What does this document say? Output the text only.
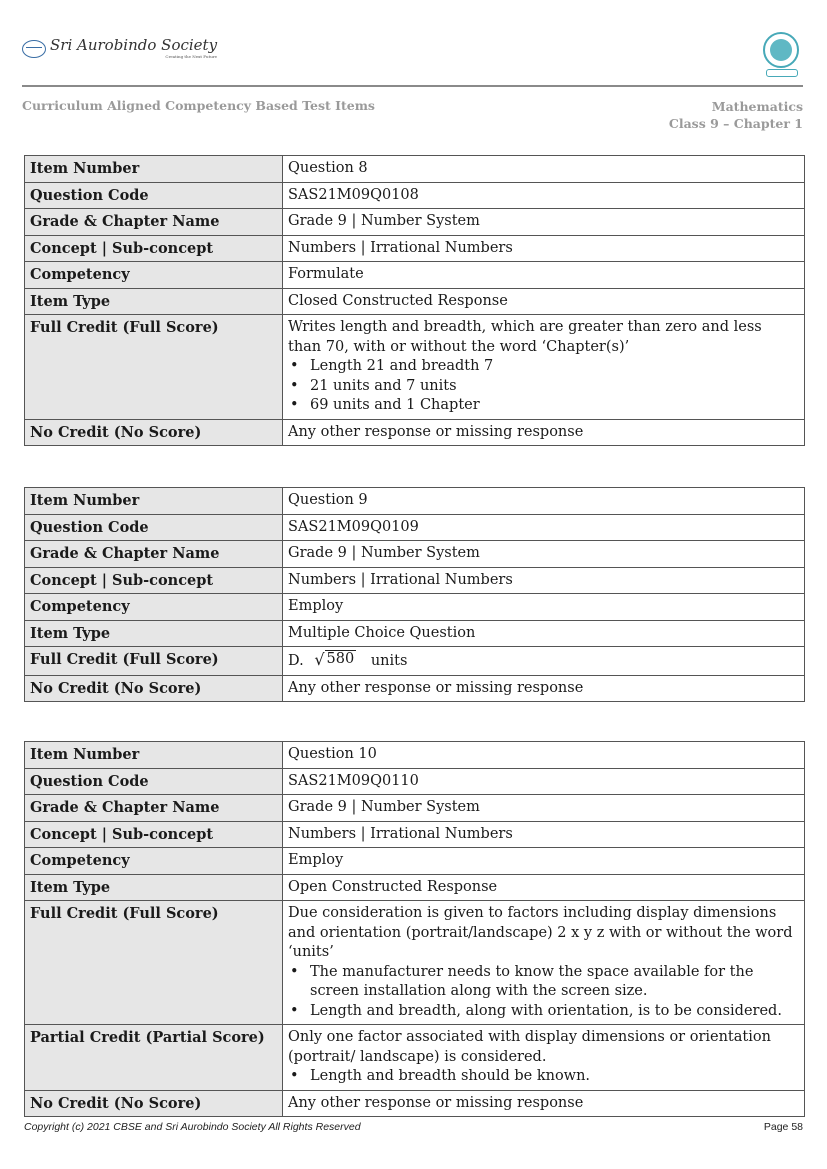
Sri Aurobindo Society
Creating the Next Future
Curriculum Aligned Competency Based Test Items	Mathematics
Class 9 – Chapter 1
Item Number	Question 8
Question Code	SAS21M09Q0108
Grade & Chapter Name	Grade 9 | Number System
Concept | Sub-concept	Numbers | Irrational Numbers
Competency	Formulate
Item Type	Closed Constructed Response
Full Credit (Full Score)	Writes length and breadth, which are greater than zero and less than 70, with or without the word ‘Chapter(s)’
• Length 21 and breadth 7
• 21 units and 7 units
• 69 units and 1 Chapter

No Credit (No Score)	Any other response or missing response
Item Number	Question 9
Question Code	SAS21M09Q0109
Grade & Chapter Name	Grade 9 | Number System
Concept | Sub-concept	Numbers | Irrational Numbers
Competency	Employ
Item Type	Multiple Choice Question
Full Credit (Full Score)	D. √ 580 units
No Credit (No Score)	Any other response or missing response
Item Number	Question 10
Question Code	SAS21M09Q0110
Grade & Chapter Name	Grade 9 | Number System
Concept | Sub-concept	Numbers | Irrational Numbers
Competency	Employ
Item Type	Open Constructed Response
Full Credit (Full Score)	Due consideration is given to factors including display dimensions and orientation (portrait/landscape) 2 x y z with or without the word ‘units’
• The manufacturer needs to know the space available for the screen installation along with the screen size.
• Length and breadth, along with orientation, is to be considered.

Partial Credit (Partial Score)	Only one factor associated with display dimensions or orientation (portrait/ landscape) is considered.
• Length and breadth should be known.

No Credit (No Score)	Any other response or missing response
Copyright (c) 2021 CBSE and Sri Aurobindo Society All Rights Reserved	Page 58
